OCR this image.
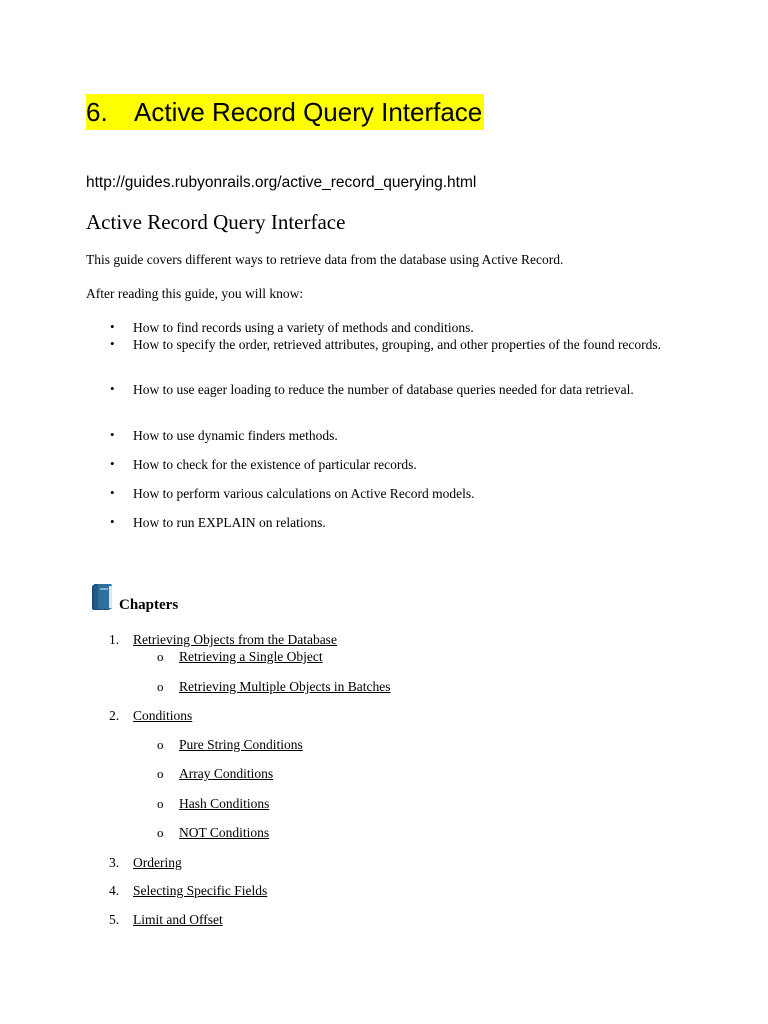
6. Active Record Query Interface
http://guides.rubyonrails.org/active_record_querying.html
Active Record Query Interface

This guide covers different ways to retrieve data from the database using Active Record.

After reading this guide, you will know:

• How to find records using a variety of methods and conditions.
• How to specify the order, retrieved attributes, grouping, and other properties of the found records.
• How to use eager loading to reduce the number of database queries needed for data retrieval.
• How to use dynamic finders methods.
• How to check for the existence of particular records.
• How to perform various calculations on Active Record models.
• How to run EXPLAIN on relations.
Chapters
1. Retrieving Objects from the Database
o Retrieving a Single Object
o Retrieving Multiple Objects in Batches
2. Conditions
o Pure String Conditions
o Array Conditions
o Hash Conditions
o NOT Conditions
3. Ordering
4. Selecting Specific Fields
5. Limit and Offset
